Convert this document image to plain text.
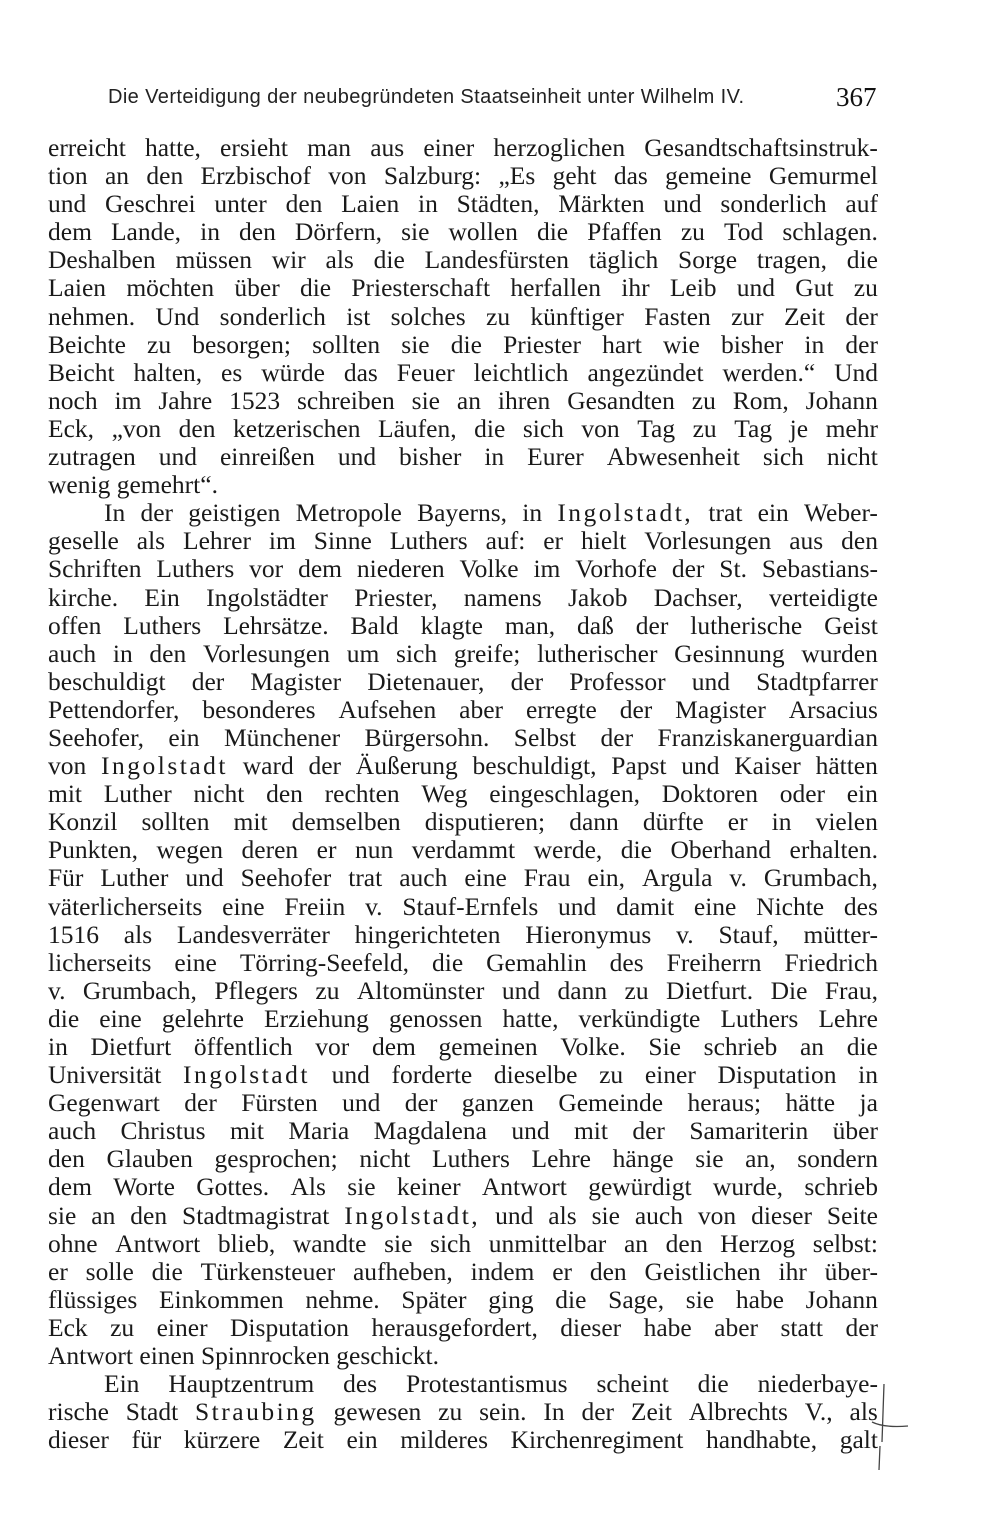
Die Verteidigung der neubegründeten Staatseinheit unter Wilhelm IV.	367
erreicht hatte, ersieht man aus einer herzoglichen Gesandtschaftsinstruk-
tion an den Erzbischof von Salzburg: „Es geht das gemeine Gemurmel
und Geschrei unter den Laien in Städten, Märkten und sonderlich auf
dem Lande, in den Dörfern, sie wollen die Pfaffen zu Tod schlagen.
Deshalben müssen wir als die Landesfürsten täglich Sorge tragen, die
Laien möchten über die Priesterschaft herfallen ihr Leib und Gut zu
nehmen. Und sonderlich ist solches zu künftiger Fasten zur Zeit der
Beichte zu besorgen; sollten sie die Priester hart wie bisher in der
Beicht halten, es würde das Feuer leichtlich angezündet werden.“ Und
noch im Jahre 1523 schreiben sie an ihren Gesandten zu Rom, Johann
Eck, „von den ketzerischen Läufen, die sich von Tag zu Tag je mehr
zutragen und einreißen und bisher in Eurer Abwesenheit sich nicht
wenig
gemehrt“.
In der geistigen Metropole Bayerns, in Ingolstadt, trat ein Weber-
geselle als Lehrer im Sinne Luthers auf: er hielt Vorlesungen aus den
Schriften Luthers vor dem niederen Volke im Vorhofe der St. Sebastians-
kirche. Ein Ingolstädter Priester, namens Jakob Dachser, verteidigte
offen Luthers Lehrsätze. Bald klagte man, daß der lutherische Geist
auch in den Vorlesungen um sich greife; lutherischer Gesinnung wurden
beschuldigt der Magister Dietenauer, der Professor und Stadtpfarrer
Pettendorfer, besonderes Aufsehen aber erregte der Magister Arsacius
Seehofer, ein Münchener Bürgersohn. Selbst der Franziskanerguardian
von Ingolstadt ward der Äußerung beschuldigt, Papst und Kaiser hätten
mit Luther nicht den rechten Weg eingeschlagen, Doktoren oder ein
Konzil sollten mit demselben disputieren; dann dürfte er in vielen
Punkten, wegen deren er nun verdammt werde, die Oberhand erhalten.
Für Luther und Seehofer trat auch eine Frau ein, Argula v. Grumbach,
väterlicherseits eine Freiin v. Stauf-Ernfels und damit eine Nichte des
1516 als Landesverräter hingerichteten Hieronymus v. Stauf, mütter-
licherseits eine Törring-Seefeld, die Gemahlin des Freiherrn Friedrich
v. Grumbach, Pflegers zu Altomünster und dann zu Dietfurt. Die Frau,
die eine gelehrte Erziehung genossen hatte, verkündigte Luthers Lehre
in Dietfurt öffentlich vor dem gemeinen Volke. Sie schrieb an die
Universität Ingolstadt und forderte dieselbe zu einer Disputation in
Gegenwart der Fürsten und der ganzen Gemeinde heraus; hätte ja
auch Christus mit Maria Magdalena und mit der Samariterin über
den Glauben gesprochen; nicht Luthers Lehre hänge sie an, sondern
dem Worte Gottes. Als sie keiner Antwort gewürdigt wurde, schrieb
sie an den Stadtmagistrat Ingolstadt, und als sie auch von dieser Seite
ohne Antwort blieb, wandte sie sich unmittelbar an den Herzog selbst:
er solle die Türkensteuer aufheben, indem er den Geistlichen ihr über-
flüssiges Einkommen nehme. Später ging die Sage, sie habe Johann
Eck zu einer Disputation herausgefordert, dieser habe aber statt der
Antwort
einen
Spinnrocken
geschickt.
Ein Hauptzentrum des Protestantismus scheint die niederbaye-
rische Stadt Straubing gewesen zu sein. In der Zeit Albrechts V., als
dieser für kürzere Zeit ein milderes Kirchenregiment handhabte, galt
